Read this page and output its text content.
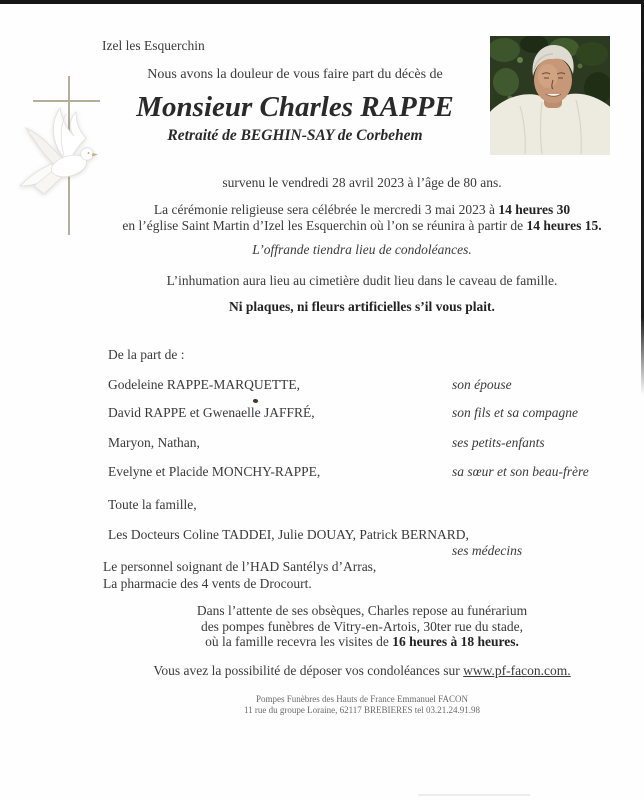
Izel les Esquerchin
Nous avons la douleur de vous faire part du décès de
Monsieur Charles RAPPE
Retraité de BEGHIN-SAY de Corbehem
survenu le vendredi 28 avril 2023 à l’âge de 80 ans.
La cérémonie religieuse sera célébrée le mercredi 3 mai 2023 à 14 heures 30
en l’église Saint Martin d’Izel les Esquerchin où l’on se réunira à partir de 14 heures 15.
L’offrande tiendra lieu de condoléances.
L’inhumation aura lieu au cimetière dudit lieu dans le caveau de famille.
Ni plaques, ni fleurs artificielles s’il vous plait.
De la part de :
Godeleine RAPPE-MARQUETTE,	son épouse
David RAPPE et Gwenaelle JAFFRÉ,	son fils et sa compagne
Maryon, Nathan,	ses petits-enfants
Evelyne et Placide MONCHY-RAPPE,	sa sœur et son beau-frère
Toute la famille,
Les Docteurs Coline TADDEI, Julie DOUAY, Patrick BERNARD,
ses médecins
Le personnel soignant de l’HAD Santélys d’Arras,
La pharmacie des 4 vents de Drocourt.
Dans l’attente de ses obsèques, Charles repose au funérarium
des pompes funèbres de Vitry-en-Artois, 30ter rue du stade,
où la famille recevra les visites de 16 heures à 18 heures.
Vous avez la possibilité de déposer vos condoléances sur www.pf-facon.com.
Pompes Funèbres des Hauts de France Emmanuel FACON
11 rue du groupe Loraine, 62117 BREBIERES tel 03.21.24.91.98
